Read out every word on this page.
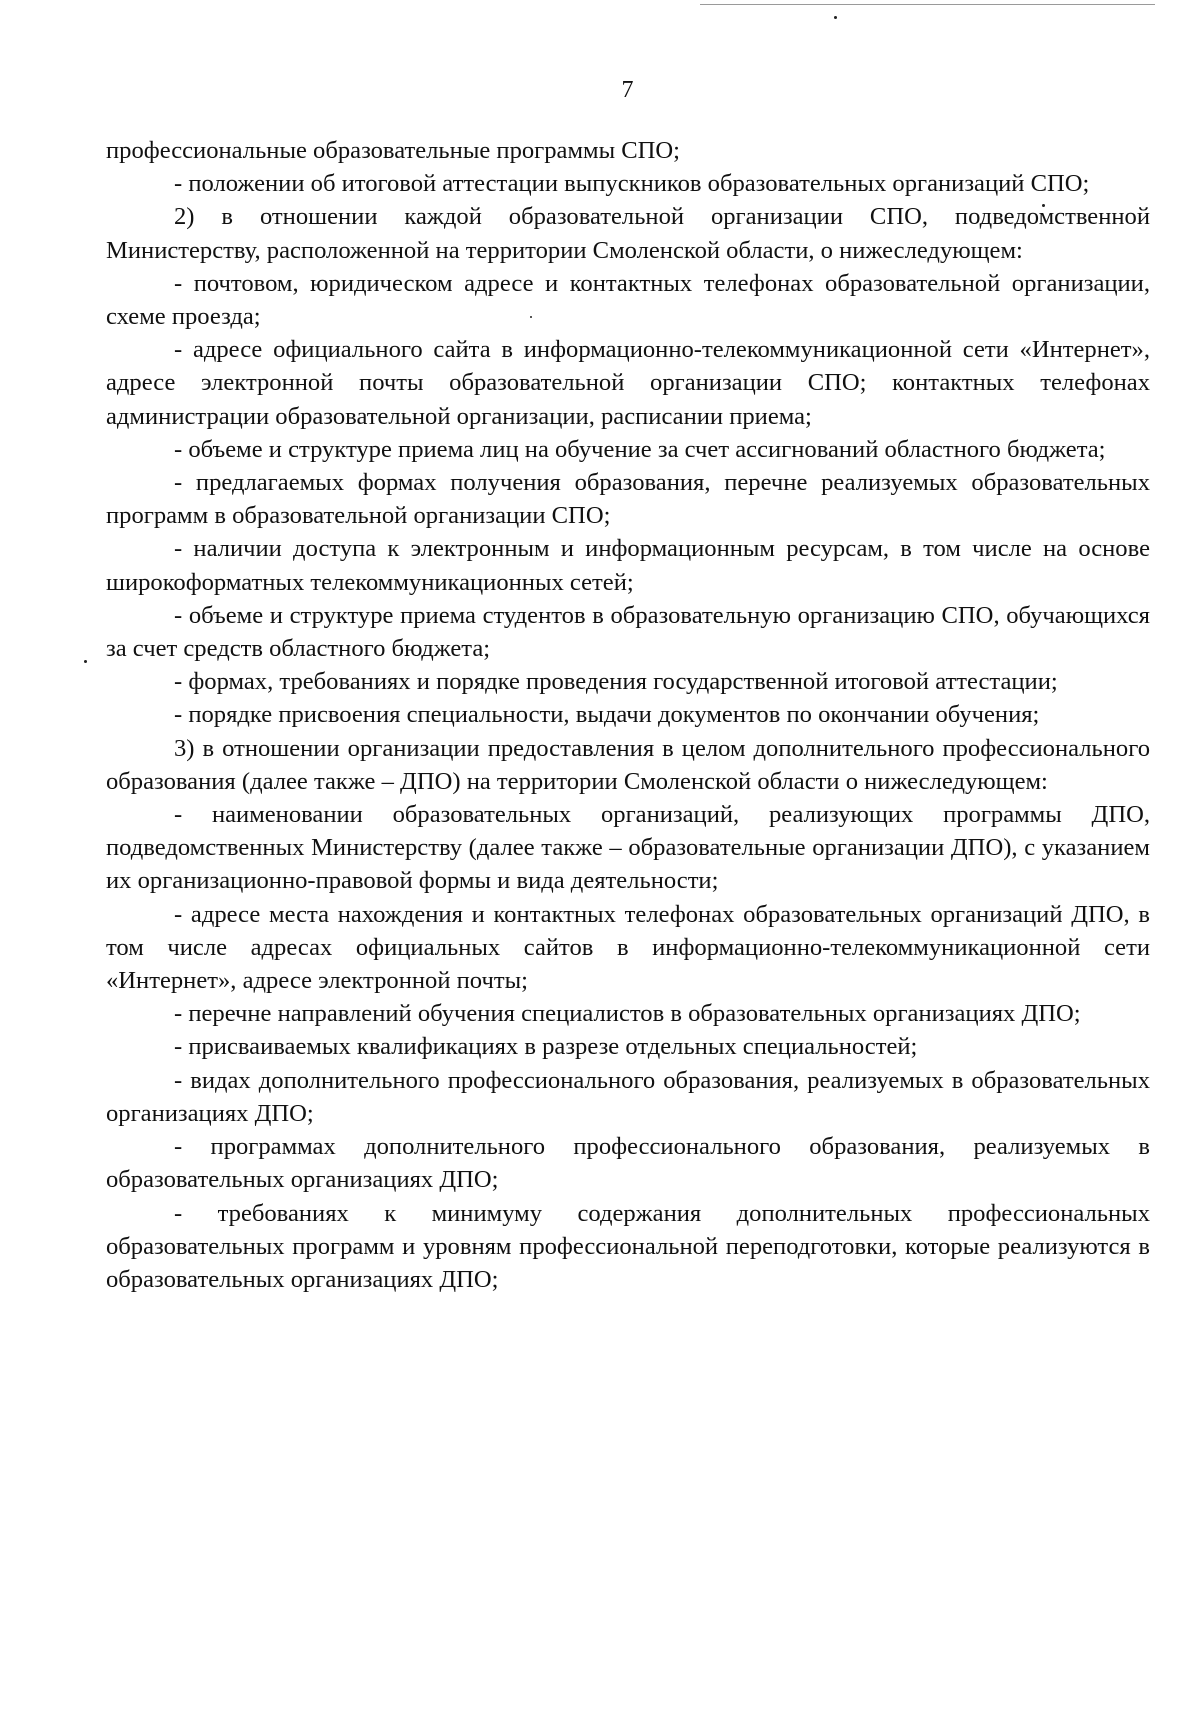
7

профессиональные образовательные программы СПО;

- положении об итоговой аттестации выпускников образовательных организаций СПО;

2) в отношении каждой образовательной организации СПО, подведомственной Министерству, расположенной на территории Смоленской области, о нижеследующем:

- почтовом, юридическом адресе и контактных телефонах образовательной организации, схеме проезда;

- адресе официального сайта в информационно-телекоммуникационной сети «Интернет», адресе электронной почты образовательной организации СПО; контактных телефонах администрации образовательной организации, расписании приема;

- объеме и структуре приема лиц на обучение за счет ассигнований областного бюджета;

- предлагаемых формах получения образования, перечне реализуемых образовательных программ в образовательной организации СПО;

- наличии доступа к электронным и информационным ресурсам, в том числе на основе широкоформатных телекоммуникационных сетей;

- объеме и структуре приема студентов в образовательную организацию СПО, обучающихся за счет средств областного бюджета;

- формах, требованиях и порядке проведения государственной итоговой аттестации;

- порядке присвоения специальности, выдачи документов по окончании обучения;

3) в отношении организации предоставления в целом дополнительного профессионального образования (далее также – ДПО) на территории Смоленской области о нижеследующем:

- наименовании образовательных организаций, реализующих программы ДПО, подведомственных Министерству (далее также – образовательные организации ДПО), с указанием их организационно-правовой формы и вида деятельности;

- адресе места нахождения и контактных телефонах образовательных организаций ДПО, в том числе адресах официальных сайтов в информационно-телекоммуникационной сети «Интернет», адресе электронной почты;

- перечне направлений обучения специалистов в образовательных организациях ДПО;

- присваиваемых квалификациях в разрезе отдельных специальностей;

- видах дополнительного профессионального образования, реализуемых в образовательных организациях ДПО;

- программах дополнительного профессионального образования, реализуемых в образовательных организациях ДПО;

- требованиях к минимуму содержания дополнительных профессиональных образовательных программ и уровням профессиональной переподготовки, которые реализуются в образовательных организациях ДПО;
